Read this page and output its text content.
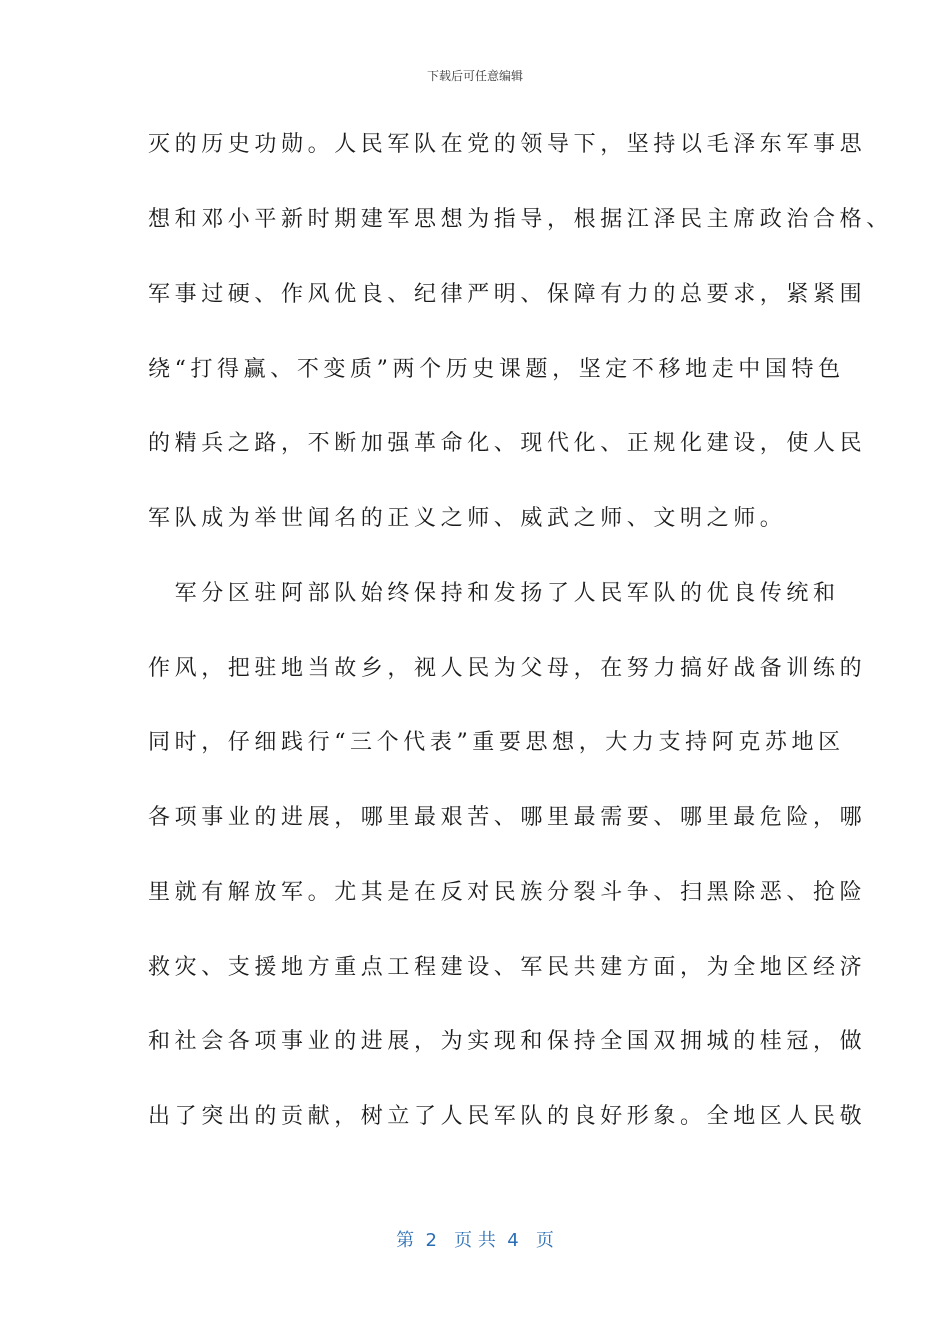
下载后可任意编辑
灭的历史功勋。人民军队在党的领导下，坚持以毛泽东军事思
想和邓小平新时期建军思想为指导，根据江泽民主席政治合格、
军事过硬、作风优良、纪律严明、保障有力的总要求，紧紧围
绕“打得赢、不变质”两个历史课题，坚定不移地走中国特色
的精兵之路，不断加强革命化、现代化、正规化建设，使人民
军队成为举世闻名的正义之师、威武之师、文明之师。
　军分区驻阿部队始终保持和发扬了人民军队的优良传统和
作风，把驻地当故乡，视人民为父母，在努力搞好战备训练的
同时，仔细践行“三个代表”重要思想，大力支持阿克苏地区
各项事业的进展，哪里最艰苦、哪里最需要、哪里最危险，哪
里就有解放军。尤其是在反对民族分裂斗争、扫黑除恶、抢险
救灾、支援地方重点工程建设、军民共建方面，为全地区经济
和社会各项事业的进展，为实现和保持全国双拥城的桂冠，做
出了突出的贡献，树立了人民军队的良好形象。全地区人民敬
第  2   页 共  4   页
